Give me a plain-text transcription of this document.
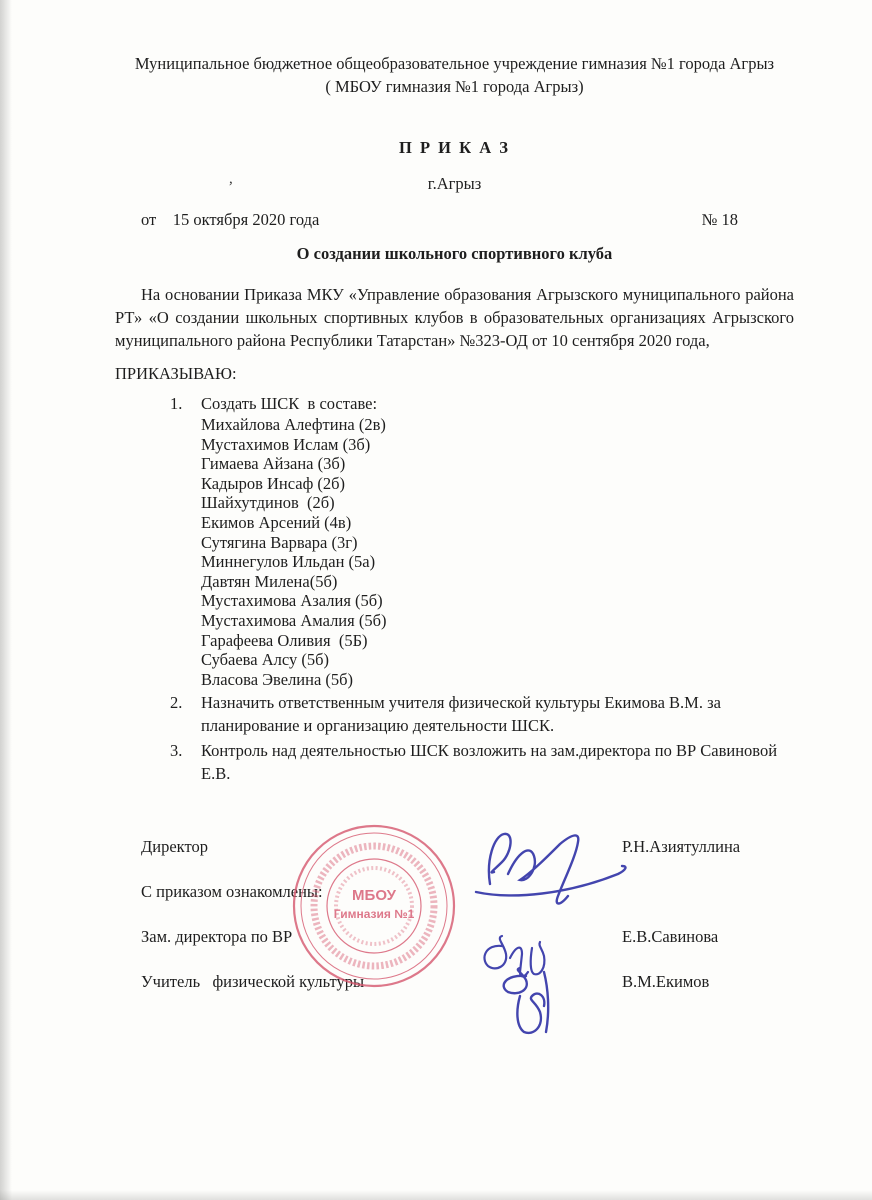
Муниципальное бюджетное общеобразовательное учреждение гимназия №1 города Агрыз
( МБОУ гимназия №1 города Агрыз)
П Р И К А З
,	г.Агрыз
от    15 октября 2020 года	№ 18
О создании школьного спортивного клуба

На основании Приказа МКУ «Управление образования Агрызского муниципального района РТ» «О создании школьных спортивных клубов в образовательных организациях Агрызского муниципального района Республики Татарстан» №323-ОД от 10 сентября 2020 года,

ПРИКАЗЫВАЮ:
1.	Создать ШСК  в составе:
Михайлова Алефтина (2в)
Мустахимов Ислам (3б)
Гимаева Айзана (3б)
Кадыров Инсаф (2б)
Шайхутдинов  (2б)
Екимов Арсений (4в)
Сутягина Варвара (3г)
Миннегулов Ильдан (5а)
Давтян Милена(5б)
Мустахимова Азалия (5б)
Мустахимова Амалия (5б)
Гарафеева Оливия  (5Б)
Субаева Алсу (5б)
Власова Эвелина (5б)
2.	Назначить ответственным учителя физической культуры Екимова В.М. за планирование и организацию деятельности ШСК.
3.	Контроль над деятельностью ШСК возложить на зам.директора по ВР Савиновой Е.В.
Директор	Р.Н.Азиятуллина
С приказом ознакомлены:
Зам. директора по ВР	Е.В.Савинова
Учитель   физической культуры	В.М.Екимов
МБОУ
Гимназия №1
